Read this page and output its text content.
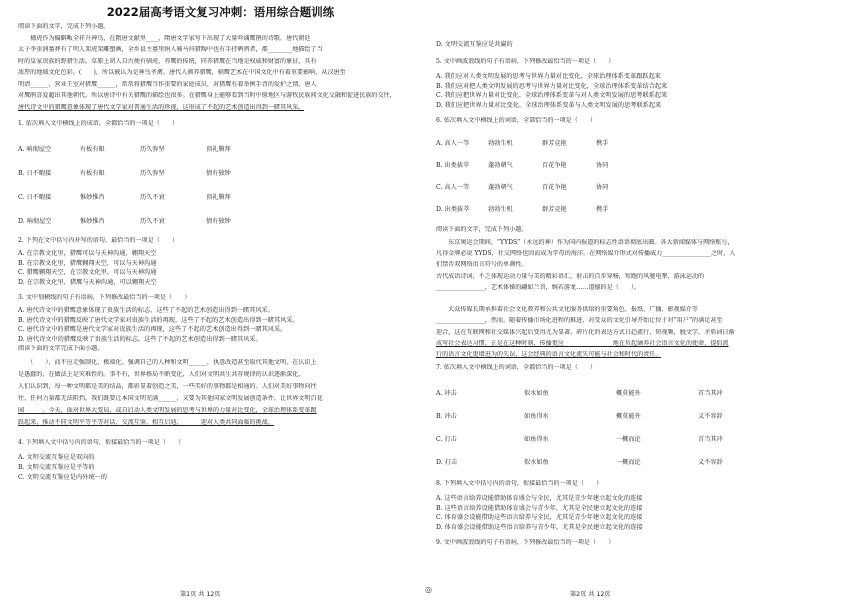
2022届高考语文复习冲刺：语用综合题训练
阅读下面的文字，完成下列小题。
　　楹虎作为偏僻畈全祥升神鸟，在隋唐文献里____，隋唐文字家写下出现了大量吟诵鹰鹃的诗歌。唐代朝廷
太子李重润墓葬有了明人架虎架雕塑画，全乡县主墓里绢人骑马抖猎陶中也有手持鹌鹑者，都________地描绘了当
时的皇家贵族的野猎生活。草原上胡人自古便有驯虎、养鹰的传统，同养猎鹰在当地是权威和财富的象征，具有
浓厚的地域文化色彩。(　　)，所以被认为是神鸟圣禽。唐代人驯养猎鹰，驯鹰艺术在中国文化中有着重要影响，从汉唐至
明清______，营业王室对猎鹰______，常常将猎鹰当作重要的家庭成员，对猎鹰有着举例手背的爱护之情，唐人
对鹰鹃喜爱超出其他朝代，所以唐诗中有关猎鹰的描绘也很多。在猎鹰身上能够看到当时中原地区与游牧民族间文化交融和促进民族的交往，
唐代诗文中的猎鹰意象体现了唐代文学家对普通生活的珍视，这形成了不起的艺术创造出得到一睹其风采。
1. 依次填入文中横线上的成语，全都恰当的一项是（　　）
A. 响彻屋空	有板有眼	历久弥坚	顶礼膜拜
B. 日不暇接	有板有眼	历久弥坚	情有独钟
C. 日不暇接	惟妙惟肖	历久不衰	顶礼膜拜
D. 响彻屋空	惟妙惟肖	历久不衰	情有独钟
2. 下列在文中括号内补写的语句，最恰当的一项是（　　）
A. 在宗教文化里，猎鹰可以与天神沟通，翱翔天空
B. 在宗教文化里，猎鹰翱翔天空，可以与天神沟通
C. 猎鹰翱翔天空，在宗教文化里，可以与天神沟通
D. 在宗教文化里，猎鹰与天神沟通，可以翱翔天空
3. 文中划横线的句子有语病，下列修改最恰当的一项是（　　）
A. 唐代诗文中的猎鹰意象体现了贵族生活的标志，这些了不起的艺术创造出得到一睹其风采。
B. 唐代诗文中的猎鹰反映了唐代文学家对贵族生活的再现，这些了不起的艺术创造出得到一睹其风采。
C. 唐代诗文中的猎鹰是唐代文学家对贵族生活的再现，这些了不起的艺术创造出得到一睹其风采。
D. 唐代诗文中的猎鹰反映了贵族生活的标志，这些了不起的艺术创造出得到一睹其风采。
阅读下面的文字完成下面小题。
　　（　　），而不应走强制化、极端化。强调自己的人种和文明______，执意改造甚至取代其他文明，在认识上
是愚蠢的，在做法上是灾难性的。事不有，世界格局不断变化，人们对文明共生共存规律的认识逐渐深化，
人们认识到，每一种文明都是美的结晶，都彰显着创造之美，一些美好的事物都是相通的。人们对美好事物向往
往，任何力量都无法阻挡。我们既要让本国文明充满______，又要为其他国家文明发展创造条件，让世界文明百花
园______。今天，面对世界大变局，或自启动人类文明发展的思考与世界的力量对比变化，全球治理体系变革跟
跃起来，推动不同文明平等平等对话、交流互鉴、相互启迪，______迎对人类共同面临的挑战。
4. 下列填入文中括号内的语句，衔接最恰当的一项是（　　）
A. 文明交流互鉴应是双向的
B. 文明交流互鉴应是平等的
C. 文明交流互鉴应是内外统一的
D. 文明交流互鉴应是共赢的
5. 文中画波浪线的句子有语病，下列修改最恰当的一项是（　　）
A. 我们应对人类文明发展的思考与世界力量对比变化、全球治理体系变革跟跃起来
B. 我们应对把人类文明发展的思考与世界力量对比变化，全球治理体系变革结合起来
C. 我们应把世界力量对比变化、全球治理体系变革与对人类文明发展的思考联系起来
D. 我们应把世界力量对比变化、全球治理体系变革与人类文明发展的思考联系起来
6. 依次填入文中横线上的词语，全部恰当的一项是（　　）
A. 高人一等	勃勃生机	群芳竞艳	携手
B. 出类拔萃	蓬勃朝气	百花争艳	协同
C. 高人一等	蓬勃朝气	百花争艳	协同
D. 出类拔萃	勃勃生机	群芳竞艳	携手
阅读下面的文字，完成下列小题。
　　东京奥运会期间，“YYDS”（永远的神）作为国内报道的标志性语语彻底出圈。各大新闻媒体与网络账号，
凡得金牌必说 YYDS，社交网络也因而成为字母的海洋。在网络媒介形式对传播威力________________之时，人
们禁否双网络语言符号的单调性。
古代成语诗词，不乏体现运动力量与美的精彩语汇，射击的百步穿杨，短跑的风驰电掣，游泳运动的
________________，艺术体操的翩如兰苕，婉若游龙……道德的是（　　）。
　　大众传媒长期承担着社会文化教养和公共文化服务供给的重要角色，报纸、广播、影视媒介等
________________，然而，随着传播市场化进程的推进，对受众的文化引导开始让位于对“用户”的满足甚至
迎合，这在互联网和社交媒体兴起后变得尤为显著。碎片化的表达方式日趋流行，短视频，脱文学，矛盾词日渐
成写社会表达习惯。正是在这种时刻，传播更应________________地在负起涵养社会语言文化的使命，提倡流
行的语言文化更增进为的失误，这会经典的语言文化流失可能与社会和时代的责任。
7. 依次填入文中横线上的词语，全都恰当的一项是（　　）
A. 冲击	似水如鱼	概莫能外	首当其冲
B. 冲击	如鱼得水	概莫能外	义不容辞
C. 打击	如鱼得水	一概而论	首当其冲
D. 打击	似水如鱼	一概而论	义不容辞
8. 下列填入文中括号内的语句，衔接最恰当的一项是（　　）
A. 这些语言给养设能借助体育盛会与全民，尤其是青少年建立起文化的连接
B. 这些语言给养设能借助体育盛会与青少年，尤其是全民建立起文化的连接
C. 体育盛会设能借助这些语言给养与全民，尤其是青少年建立起文化的连接
D. 体育盛会设能借助这些语言给养与青少年，尤其是全民建立起文化的连接
9. 文中画波浪线的句子有语病，下列修改最恰当的一项是（　　）
第1页 共 12页
◎
第2页 共 12页
